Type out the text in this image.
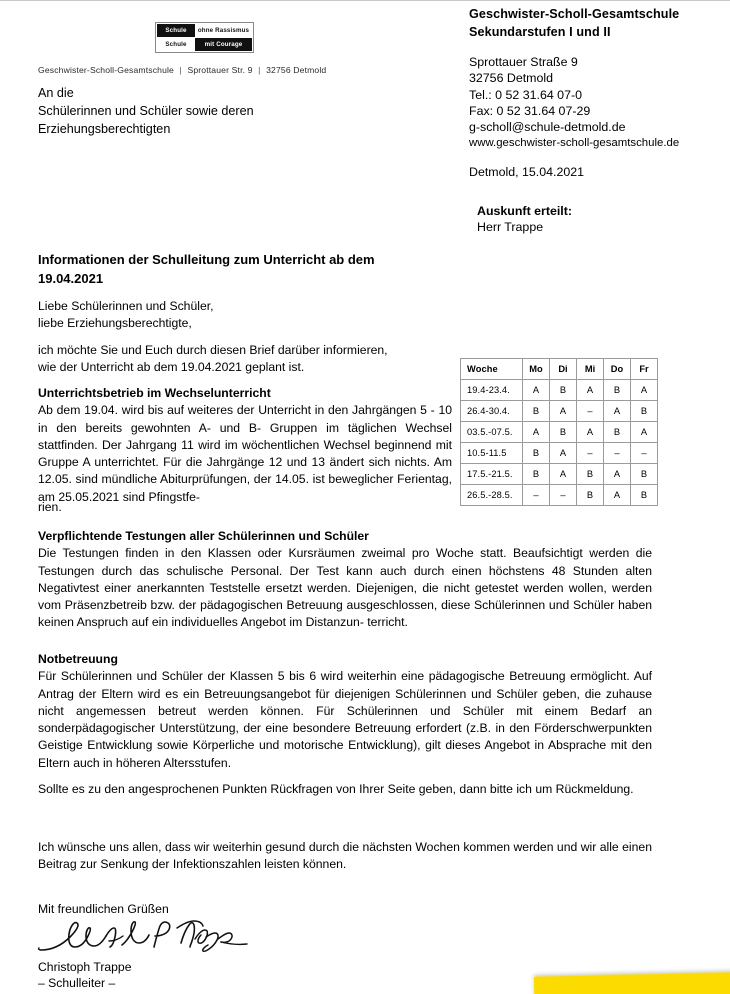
Geschwister-Scholl-Gesamtschule
Sekundarstufen I und II
Sprottauer Straße 9
32756 Detmold
Tel.: 0 52 31.64 07-0
Fax: 0 52 31.64 07-29
g-scholl@schule-detmold.de
www.geschwister-scholl-gesamtschule.de
Detmold, 15.04.2021
Auskunft erteilt:
Herr Trappe
Schule	ohne Rassismus
Schule	mit Courage
Geschwister-Scholl-Gesamtschule | Sprottauer Str. 9 | 32756 Detmold
An die
Schülerinnen und Schüler sowie deren
Erziehungsberechtigten
Informationen der Schulleitung zum Unterricht ab dem
19.04.2021
Liebe Schülerinnen und Schüler,
liebe Erziehungsberechtigte,
ich möchte Sie und Euch durch diesen Brief darüber informieren,
wie der Unterricht ab dem 19.04.2021 geplant ist.	Woche	Mo	Di	Mi	Do	Fr
19.4-23.4.	A	B	A	B	A
26.4-30.4.	B	A	–	A	B
03.5.-07.5.	A	B	A	B	A
10.5-11.5	B	A	–	–	–
17.5.-21.5.	B	A	B	A	B
26.5.-28.5.	–	–	B	A	B
Unterrichtsbetrieb im Wechselunterricht
Ab dem 19.04. wird bis auf weiteres der Unterricht in den Jahrgängen 5 - 10 in den bereits gewohnten A- und B- Gruppen im täglichen Wechsel stattfinden. Der Jahrgang 11 wird im wöchentlichen Wechsel beginnend mit Gruppe A unterrichtet. Für die Jahrgänge 12 und 13 ändert sich nichts. Am 12.05. sind mündliche Abiturprüfungen, der 14.05. ist beweglicher Ferientag, am 25.05.2021 sind Pfingstfe-
rien.
Verpflichtende Testungen aller Schülerinnen und Schüler
Die Testungen finden in den Klassen oder Kursräumen zweimal pro Woche statt. Beaufsichtigt werden die Testungen durch das schulische Personal. Der Test kann auch durch einen höchstens 48 Stunden alten Negativtest einer anerkannten Teststelle ersetzt werden. Diejenigen, die nicht getestet werden wollen, werden vom Präsenzbetreib bzw. der pädagogischen Betreuung ausgeschlossen, diese Schülerinnen und Schüler haben keinen Anspruch auf ein individuelles Angebot im Distanzun- terricht.
Notbetreuung
Für Schülerinnen und Schüler der Klassen 5 bis 6 wird weiterhin eine pädagogische Betreuung ermöglicht. Auf Antrag der Eltern wird es ein Betreuungsangebot für diejenigen Schülerinnen und Schüler geben, die zuhause nicht angemessen betreut werden können. Für Schülerinnen und Schüler mit einem Bedarf an sonderpädagogischer Unterstützung, der eine besondere Betreuung erfordert (z.B. in den Förderschwerpunkten Geistige Entwicklung sowie Körperliche und motorische Entwicklung), gilt dieses Angebot in Absprache mit den Eltern auch in höheren Altersstufen.
Sollte es zu den angesprochenen Punkten Rückfragen von Ihrer Seite geben, dann bitte ich um Rückmeldung.
Ich wünsche uns allen, dass wir weiterhin gesund durch die nächsten Wochen kommen werden und wir alle einen Beitrag zur Senkung der Infektionszahlen leisten können.
Mit freundlichen Grüßen
Christoph Trappe
– Schulleiter –
